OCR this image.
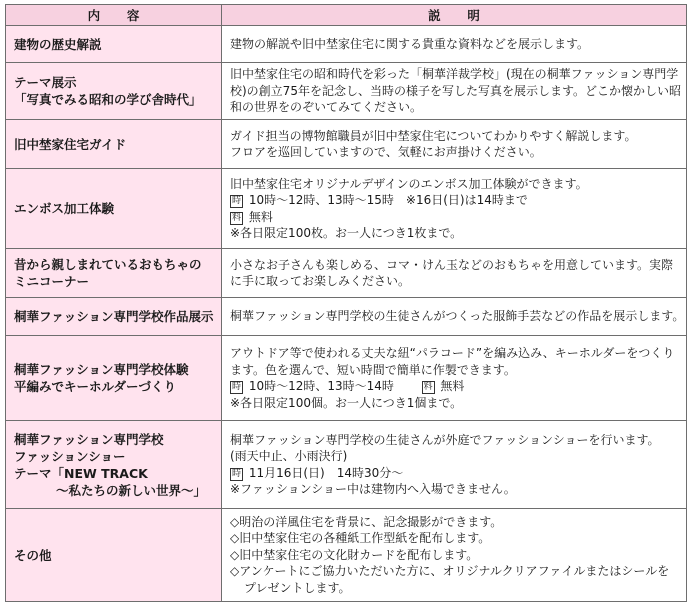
内 容	説 明

建物の歴史解説	建物の解説や旧中埜家住宅に関する貴重な資料などを展示します。

テーマ展示
「写真でみる昭和の学び舎時代」	旧中埜家住宅の昭和時代を彩った「桐華洋裁学校」(現在の桐華ファッション専門学校)の創立75年を記念し、当時の様子を写した写真を展示します。どこか懐かしい昭和の世界をのぞいてみてください。

旧中埜家住宅ガイド	ガイド担当の博物館職員が旧中埜家住宅についてわかりやすく解説します。
フロアを巡回していますので、気軽にお声掛けください。

エンボス加工体験	旧中埜家住宅オリジナルデザインのエンボス加工体験ができます。
時 10時～12時、13時～15時　※16日(日)は14時まで
料 無料
※各日限定100枚。お一人につき1枚まで。

昔から親しまれているおもちゃの
ミニコーナー	小さなお子さんも楽しめる、コマ・けん玉などのおもちゃを用意しています。実際に手に取ってお楽しみください。

桐華ファッション専門学校作品展示	桐華ファッション専門学校の生徒さんがつくった服飾手芸などの作品を展示します。

桐華ファッション専門学校体験
平編みでキーホルダーづくり	アウトドア等で使われる丈夫な紐“パラコード”を編み込み、キーホルダーをつくります。色を選んで、短い時間で簡単に作製できます。
時 10時～12時、13時～14時 料 無料
※各日限定100個。お一人につき1個まで。

桐華ファッション専門学校
ファッションショー
テーマ「NEW TRACK
～私たちの新しい世界～」	桐華ファッション専門学校の生徒さんが外庭でファッションショーを行います。
(雨天中止、小雨決行)
時 11月16日(日)　14時30分～
※ファッションショー中は建物内へ入場できません。

その他	◇明治の洋風住宅を背景に、記念撮影ができます。
◇旧中埜家住宅の各種紙工作型紙を配布します。
◇旧中埜家住宅の文化財カードを配布します。
◇アンケートにご協力いただいた方に、オリジナルクリアファイルまたはシールを
プレゼントします。
